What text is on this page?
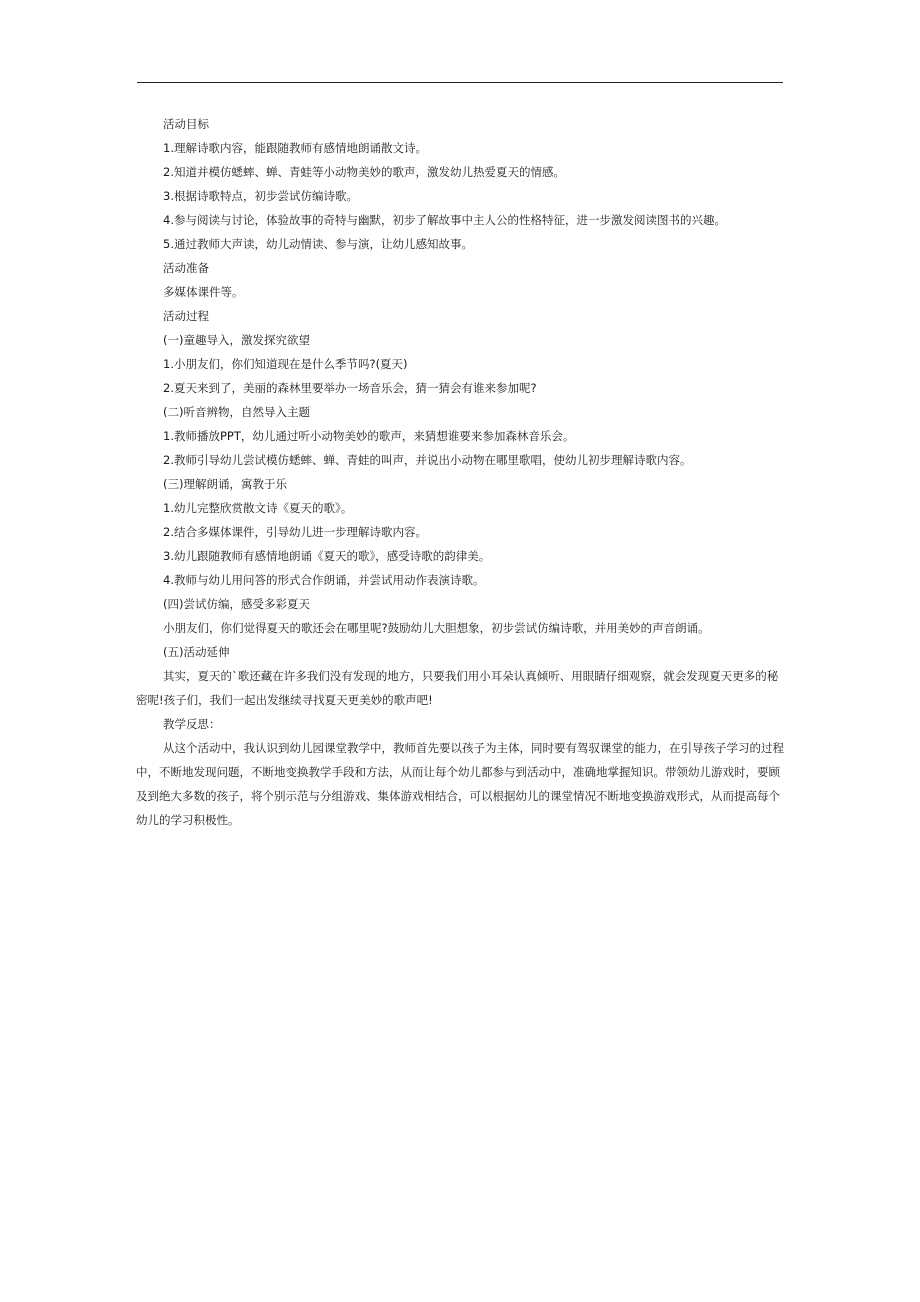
活动目标

1.理解诗歌内容，能跟随教师有感情地朗诵散文诗。

2.知道并模仿蟋蟀、蝉、青蛙等小动物美妙的歌声，激发幼儿热爱夏天的情感。

3.根据诗歌特点，初步尝试仿编诗歌。

4.参与阅读与讨论，体验故事的奇特与幽默，初步了解故事中主人公的性格特征，进一步激发阅读图书的兴趣。

5.通过教师大声读，幼儿动情读、参与演，让幼儿感知故事。

活动准备

多媒体课件等。

活动过程

(一)童趣导入，激发探究欲望

1.小朋友们，你们知道现在是什么季节吗?(夏天)

2.夏天来到了，美丽的森林里要举办一场音乐会，猜一猜会有谁来参加呢?

(二)听音辨物，自然导入主题

1.教师播放PPT，幼儿通过听小动物美妙的歌声，来猜想谁要来参加森林音乐会。

2.教师引导幼儿尝试模仿蟋蟀、蝉、青蛙的叫声，并说出小动物在哪里歌唱，使幼儿初步理解诗歌内容。

(三)理解朗诵，寓教于乐

1.幼儿完整欣赏散文诗《夏天的歌》。

2.结合多媒体课件，引导幼儿进一步理解诗歌内容。

3.幼儿跟随教师有感情地朗诵《夏天的歌》，感受诗歌的韵律美。

4.教师与幼儿用问答的形式合作朗诵，并尝试用动作表演诗歌。

(四)尝试仿编，感受多彩夏天

小朋友们，你们觉得夏天的歌还会在哪里呢?鼓励幼儿大胆想象，初步尝试仿编诗歌，并用美妙的声音朗诵。

(五)活动延伸

其实，夏天的`歌还藏在许多我们没有发现的地方，只要我们用小耳朵认真倾听、用眼睛仔细观察，就会发现夏天更多的秘密呢!孩子们，我们一起出发继续寻找夏天更美妙的歌声吧!

教学反思：

从这个活动中，我认识到幼儿园课堂教学中，教师首先要以孩子为主体，同时要有驾驭课堂的能力，在引导孩子学习的过程中，不断地发现问题，不断地变换教学手段和方法，从而让每个幼儿都参与到活动中，准确地掌握知识。带领幼儿游戏时，要顾及到绝大多数的孩子，将个别示范与分组游戏、集体游戏相结合，可以根据幼儿的课堂情况不断地变换游戏形式，从而提高每个幼儿的学习积极性。
